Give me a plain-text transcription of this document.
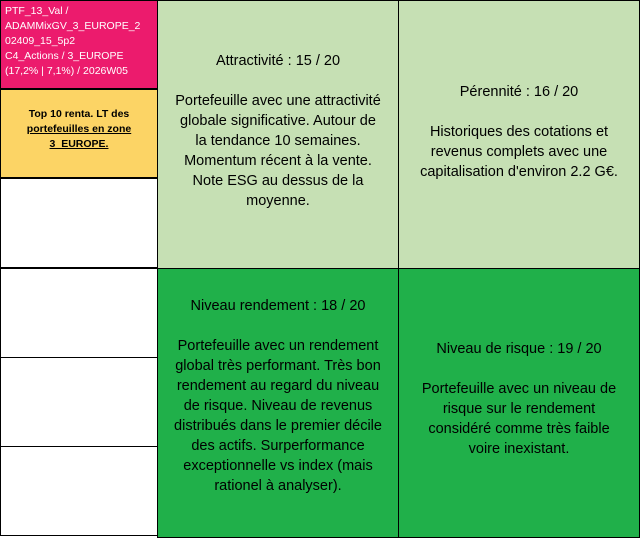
PTF_13_Val /
ADAMMixGV_3_EUROPE_2
02409_15_5p2
C4_Actions / 3_EUROPE
(17,2% | 7,1%) / 2026W05
Top 10 renta. LT des
portefeuilles en zone
3_EUROPE.
Attractivité : 15 / 20
Portefeuille avec une attractivité
globale significative. Autour de
la tendance 10 semaines.
Momentum récent à la vente.
Note ESG au dessus de la
moyenne.
Pérennité : 16 / 20
Historiques des cotations et
revenus complets avec une
capitalisation d'environ 2.2 G€.
Niveau rendement : 18 / 20
Portefeuille avec un rendement
global très performant. Très bon
rendement au regard du niveau
de risque. Niveau de revenus
distribués dans le premier décile
des actifs. Surperformance
exceptionnelle vs index (mais
rationel à analyser).
Niveau de risque : 19 / 20
Portefeuille avec un niveau de
risque sur le rendement
considéré comme très faible
voire inexistant.
